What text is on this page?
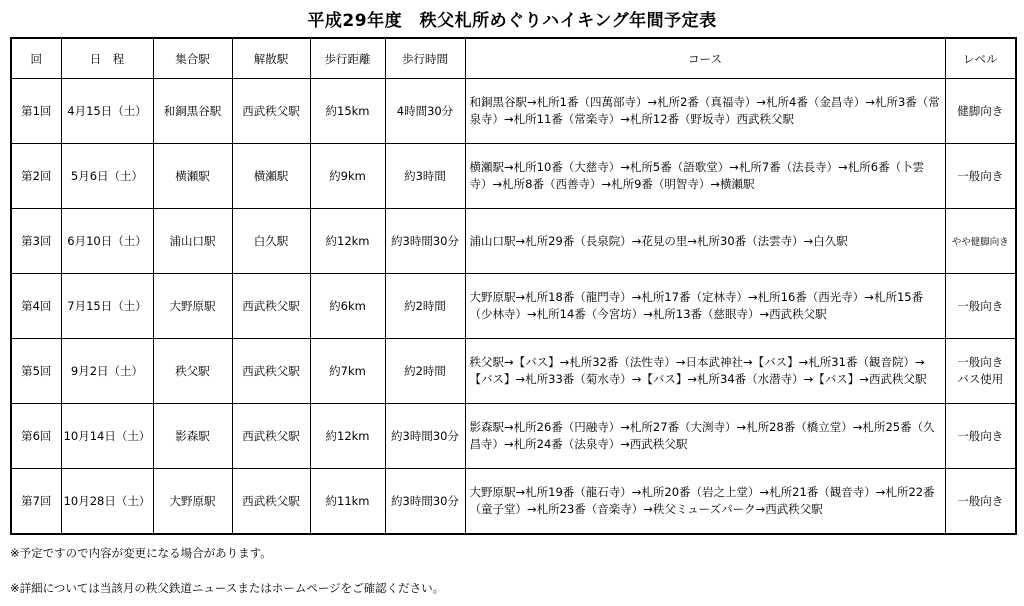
平成29年度　秩父札所めぐりハイキング年間予定表
回	日　程	集合駅	解散駅	歩行距離	歩行時間	コース	レベル
第1回	4月15日（土）	和銅黒谷駅	西武秩父駅	約15km	4時間30分	和銅黒谷駅→札所1番（四萬部寺）→札所2番（真福寺）→札所4番（金昌寺）→札所3番（常泉寺）→札所11番（常楽寺）→札所12番（野坂寺）西武秩父駅	健脚向き
第2回	5月6日（土）	横瀬駅	横瀬駅	約9km	約3時間	横瀬駅→札所10番（大慈寺）→札所5番（語歌堂）→札所7番（法長寺）→札所6番（卜雲寺）→札所8番（西善寺）→札所9番（明智寺）→横瀬駅	一般向き
第3回	6月10日（土）	浦山口駅	白久駅	約12km	約3時間30分	浦山口駅→札所29番（長泉院）→花見の里→札所30番（法雲寺）→白久駅	やや健脚向き
第4回	7月15日（土）	大野原駅	西武秩父駅	約6km	約2時間	大野原駅→札所18番（龍門寺）→札所17番（定林寺）→札所16番（西光寺）→札所15番（少林寺）→札所14番（今宮坊）→札所13番（慈眼寺）→西武秩父駅	一般向き
第5回	9月2日（土）	秩父駅	西武秩父駅	約7km	約2時間	秩父駅→【バス】→札所32番（法性寺）→日本武神社→【バス】→札所31番（観音院）→【バス】→札所33番（菊水寺）→【バス】→札所34番（水潜寺）→【バス】→西武秩父駅	一般向き
バス使用
第6回	10月14日（土）	影森駅	西武秩父駅	約12km	約3時間30分	影森駅→札所26番（円融寺）→札所27番（大渕寺）→札所28番（橋立堂）→札所25番（久昌寺）→札所24番（法泉寺）→西武秩父駅	一般向き
第7回	10月28日（土）	大野原駅	西武秩父駅	約11km	約3時間30分	大野原駅→札所19番（龍石寺）→札所20番（岩之上堂）→札所21番（観音寺）→札所22番（童子堂）→札所23番（音楽寺）→秩父ミューズパーク→西武秩父駅	一般向き
※予定ですので内容が変更になる場合があります。
※詳細については当該月の秩父鉄道ニュースまたはホームページをご確認ください。
